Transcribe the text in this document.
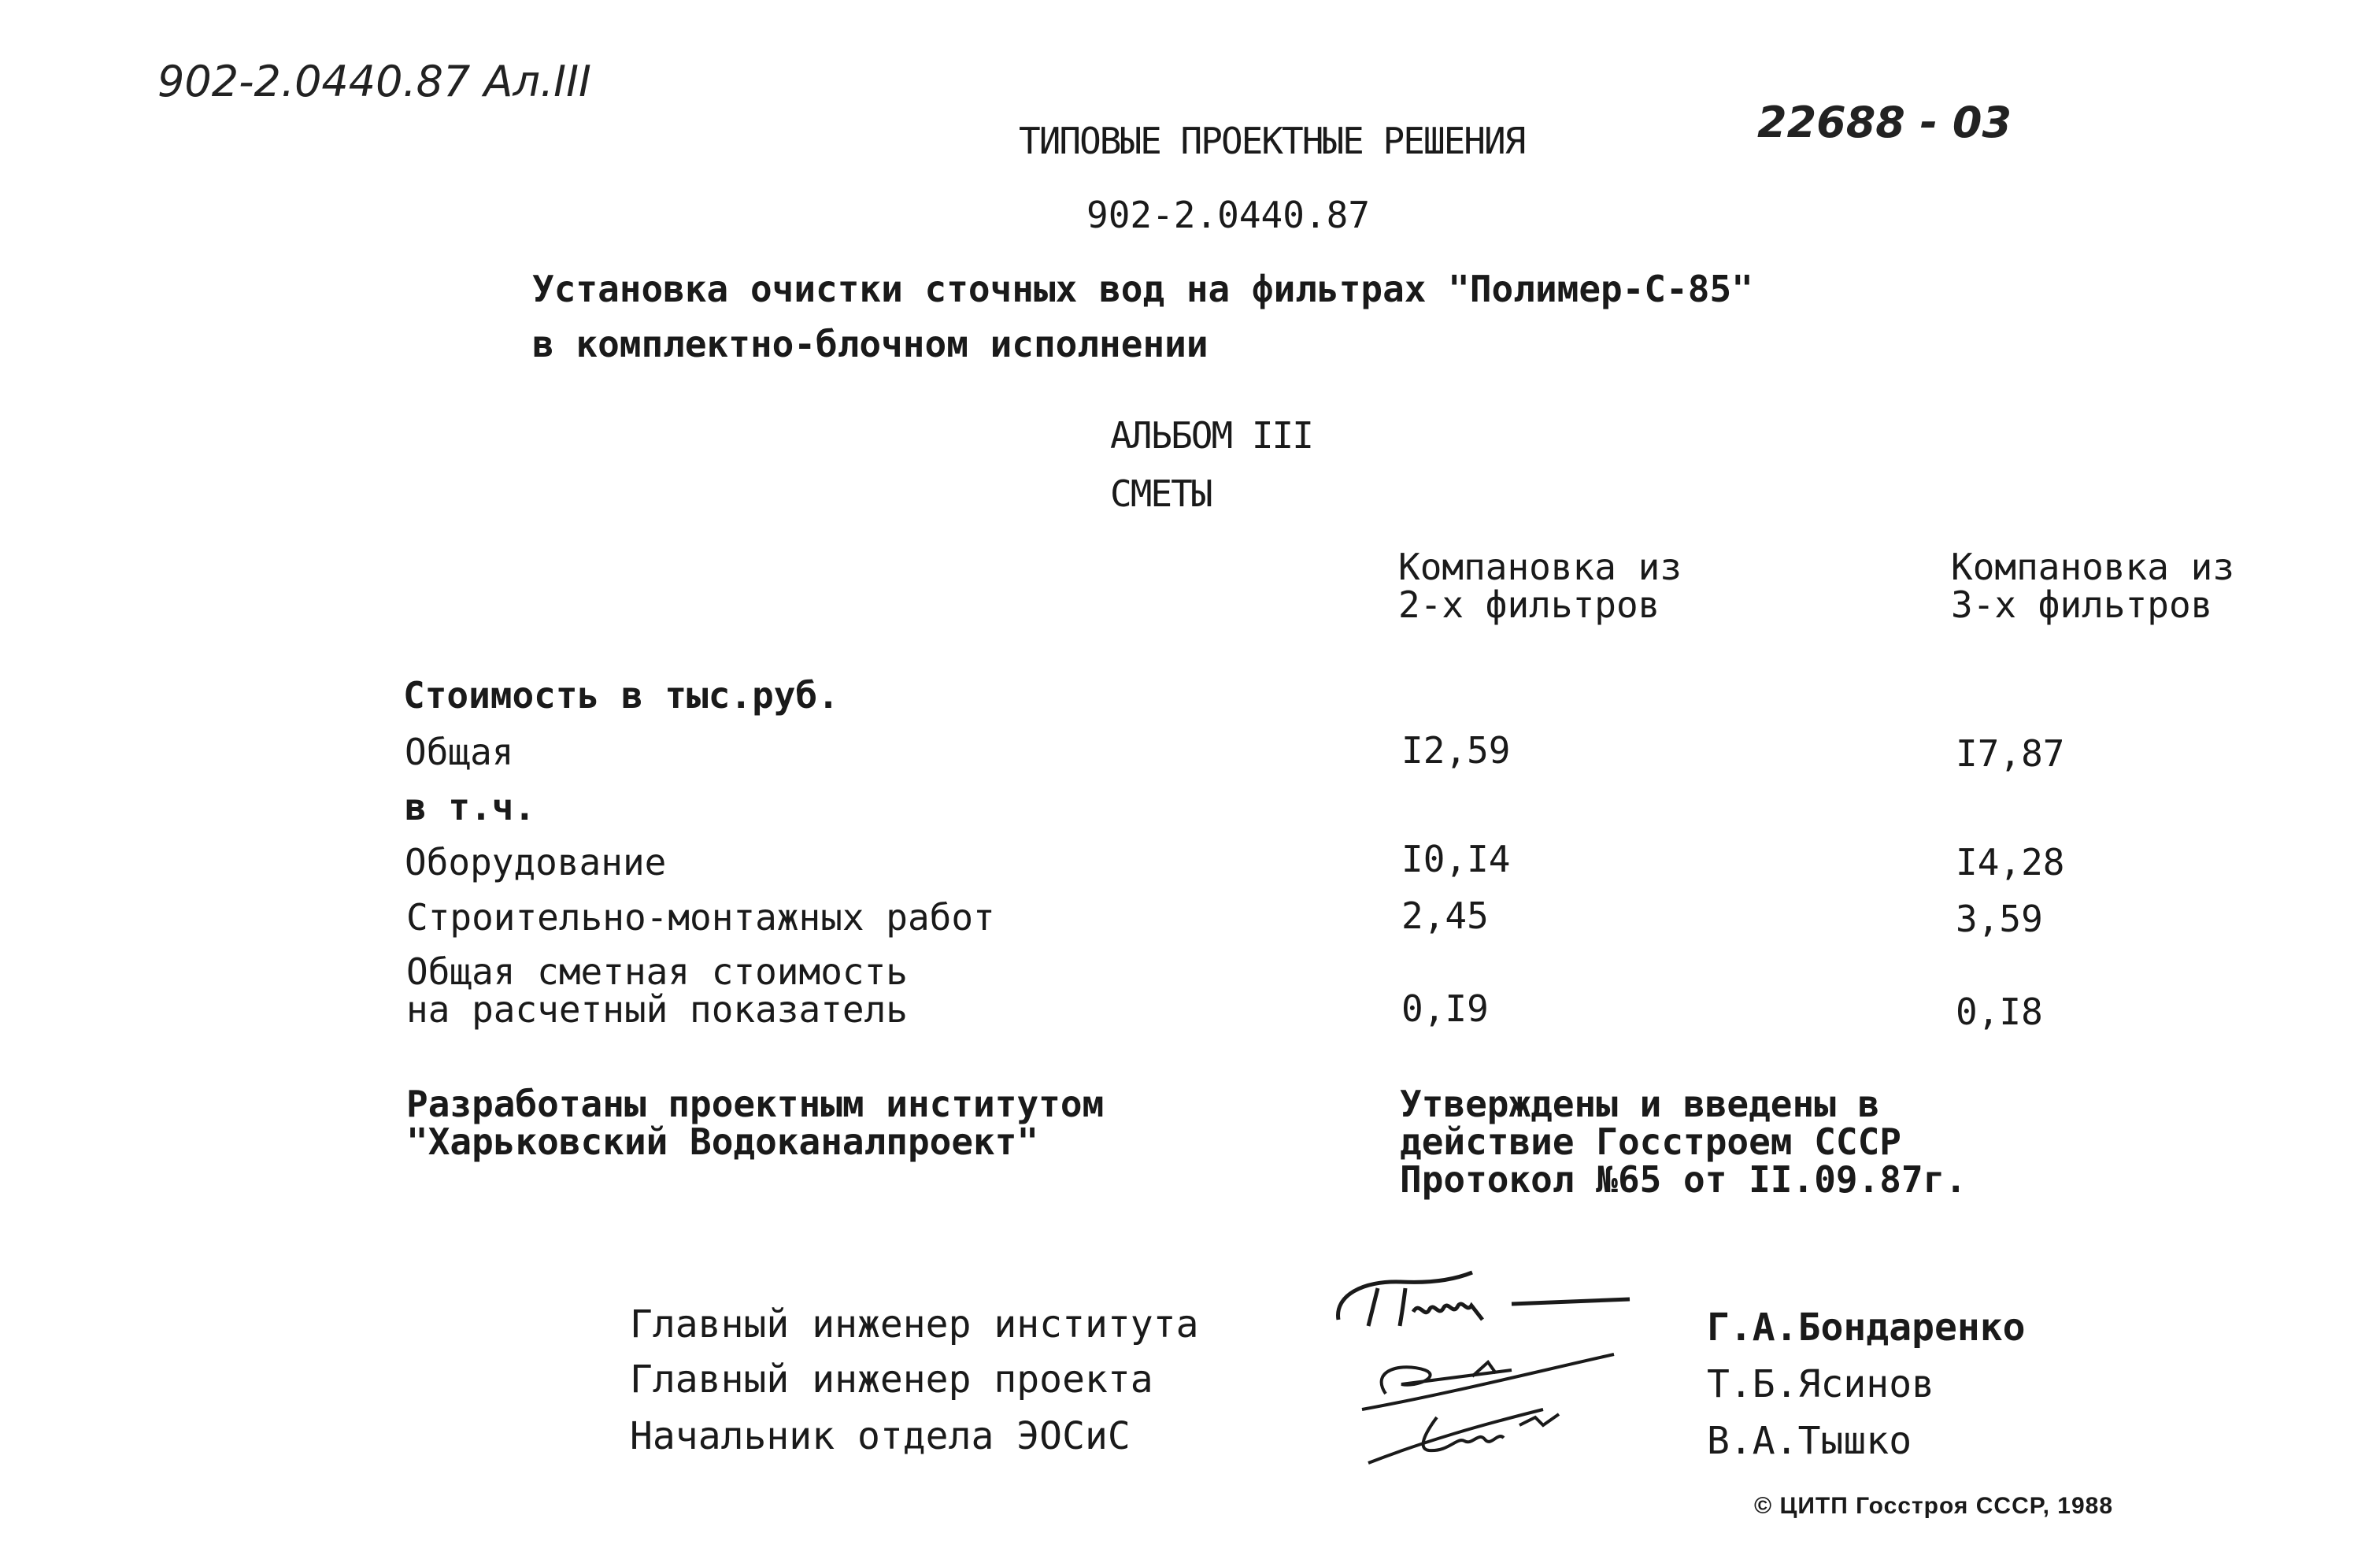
902-2.0440.87 Ал.III
22688 - 03
ТИПОВЫЕ ПРОЕКТНЫЕ РЕШЕНИЯ
902-2.0440.87
Установка очистки сточных вод на фильтрах "Полимер-С-85"
в комплектно-блочном исполнении
АЛЬБОМ III
СМЕТЫ
Компановка из
2-х фильтров
Компановка из
3-х фильтров
Стоимость в тыс.руб.
Общая	I2,59	I7,87
в т.ч.
Оборудование	I0,I4	I4,28
Строительно-монтажных работ	2,45	3,59
Общая сметная стоимость
на расчетный показатель	0,I9	0,I8
Разработаны проектным институтом
"Харьковский Водоканалпроект"
Утверждены и введены в
действие Госстроем СССР
Протокол №65 от II.09.87г.
Главный инженер института
Главный инженер проекта
Начальник отдела ЭОСиС
Г.А.Бондаренко
Т.Б.Ясинов
В.А.Тышко
© ЦИТП Госстроя СССР, 1988
